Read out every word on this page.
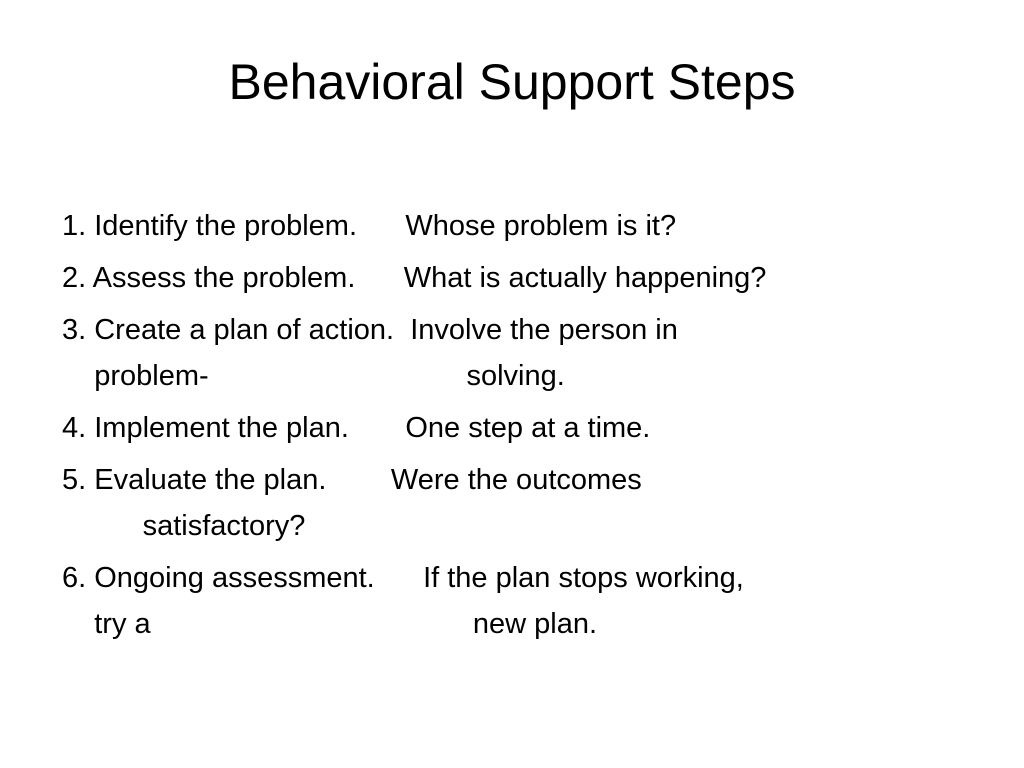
Behavioral Support Steps
1. Identify the problem.      Whose problem is it?
2. Assess the problem.      What is actually happening?
3. Create a plan of action.  Involve the person in
problem-                                solving.
4. Implement the plan.       One step at a time.
5. Evaluate the plan.        Were the outcomes
satisfactory?
6. Ongoing assessment.      If the plan stops working,
try a                                        new plan.
